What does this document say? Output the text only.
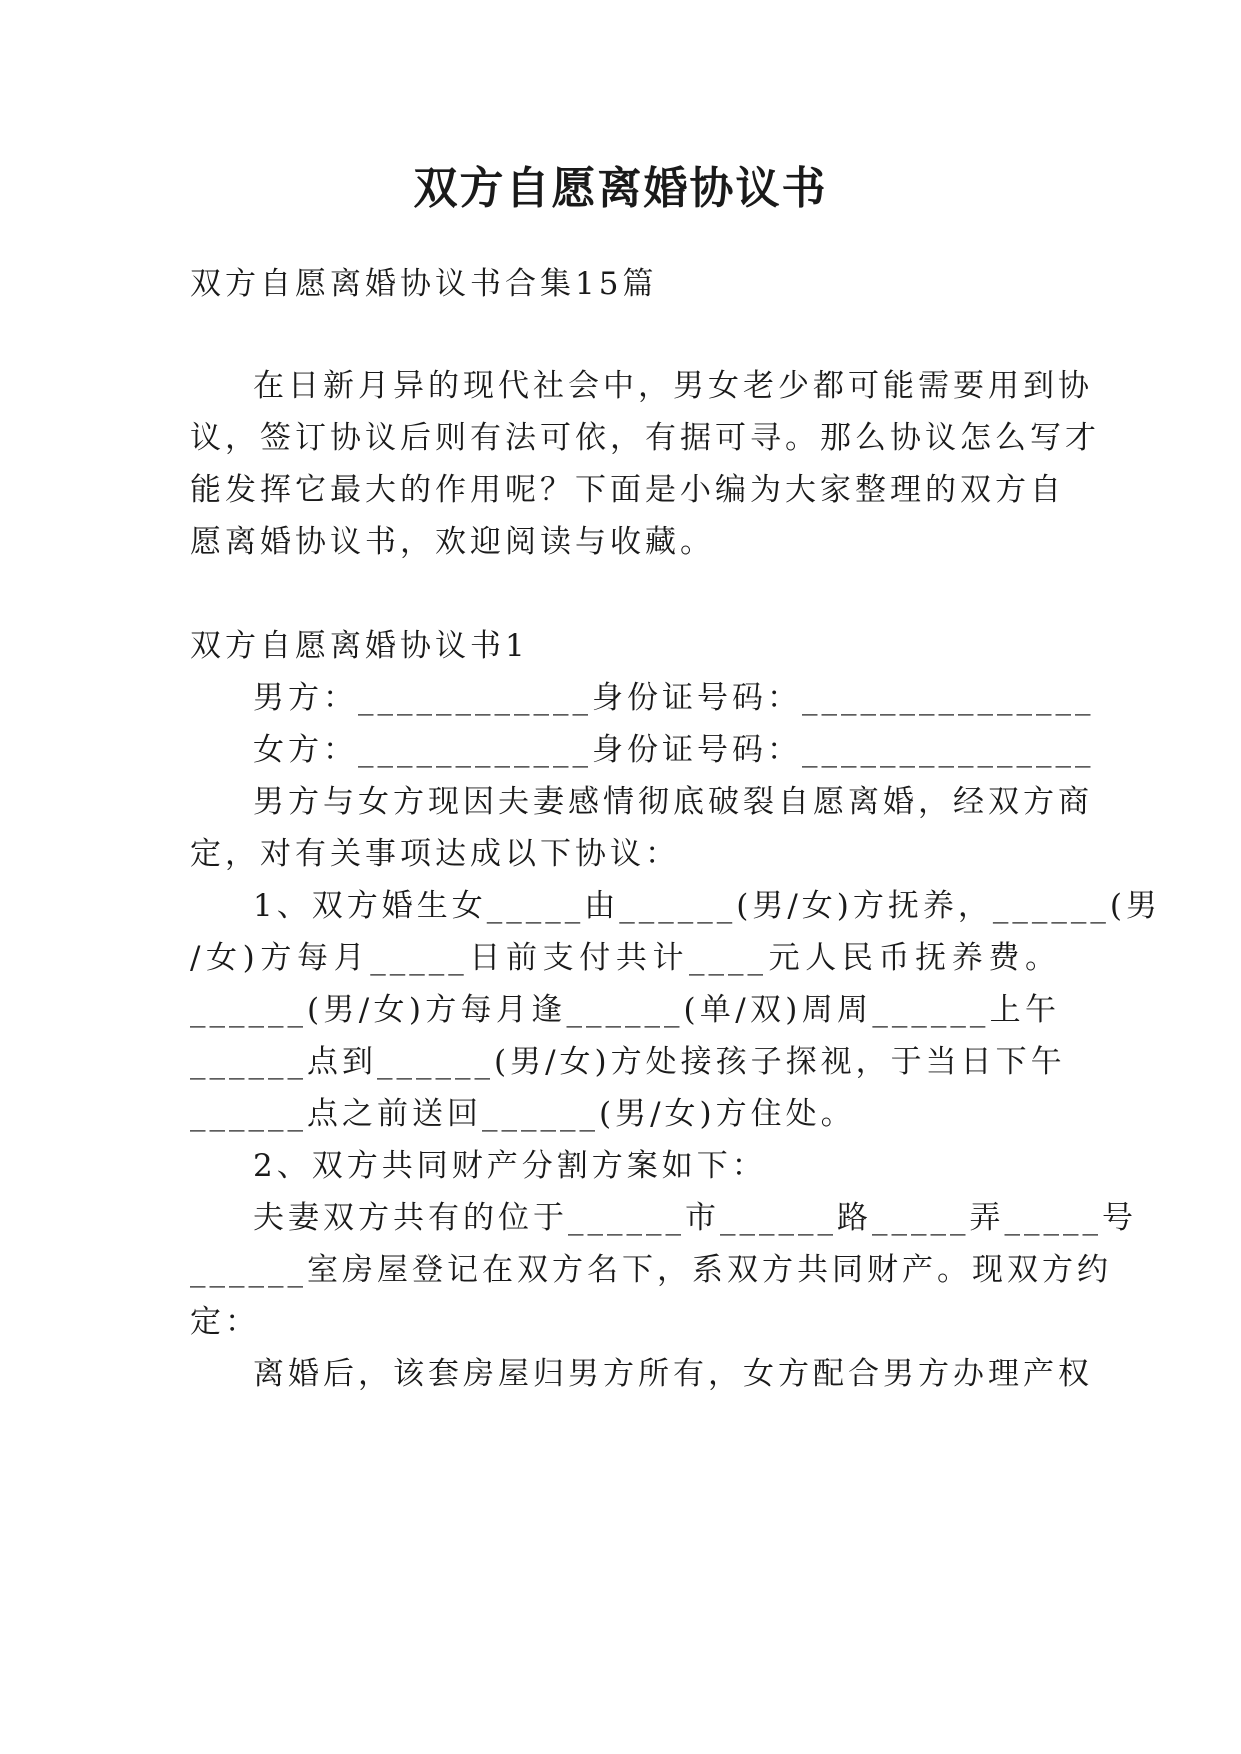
双方自愿离婚协议书

双方自愿离婚协议书合集15篇

在日新月异的现代社会中，男女老少都可能需要用到协

议，签订协议后则有法可依，有据可寻。那么协议怎么写才

能发挥它最大的作用呢？下面是小编为大家整理的双方自

愿离婚协议书，欢迎阅读与收藏。

双方自愿离婚协议书1

男方：____________身份证号码：_______________

女方：____________身份证号码：_______________

男方与女方现因夫妻感情彻底破裂自愿离婚，经双方商

定，对有关事项达成以下协议：

1、双方婚生女_____由______(男/女)方抚养，______(男

/女)方每月_____日前支付共计____元人民币抚养费。

______(男/女)方每月逢______(单/双)周周______上午

______点到______(男/女)方处接孩子探视，于当日下午

______点之前送回______(男/女)方住处。

2、双方共同财产分割方案如下：

夫妻双方共有的位于______市______路_____弄_____号

______室房屋登记在双方名下，系双方共同财产。现双方约

定：

离婚后，该套房屋归男方所有，女方配合男方办理产权
